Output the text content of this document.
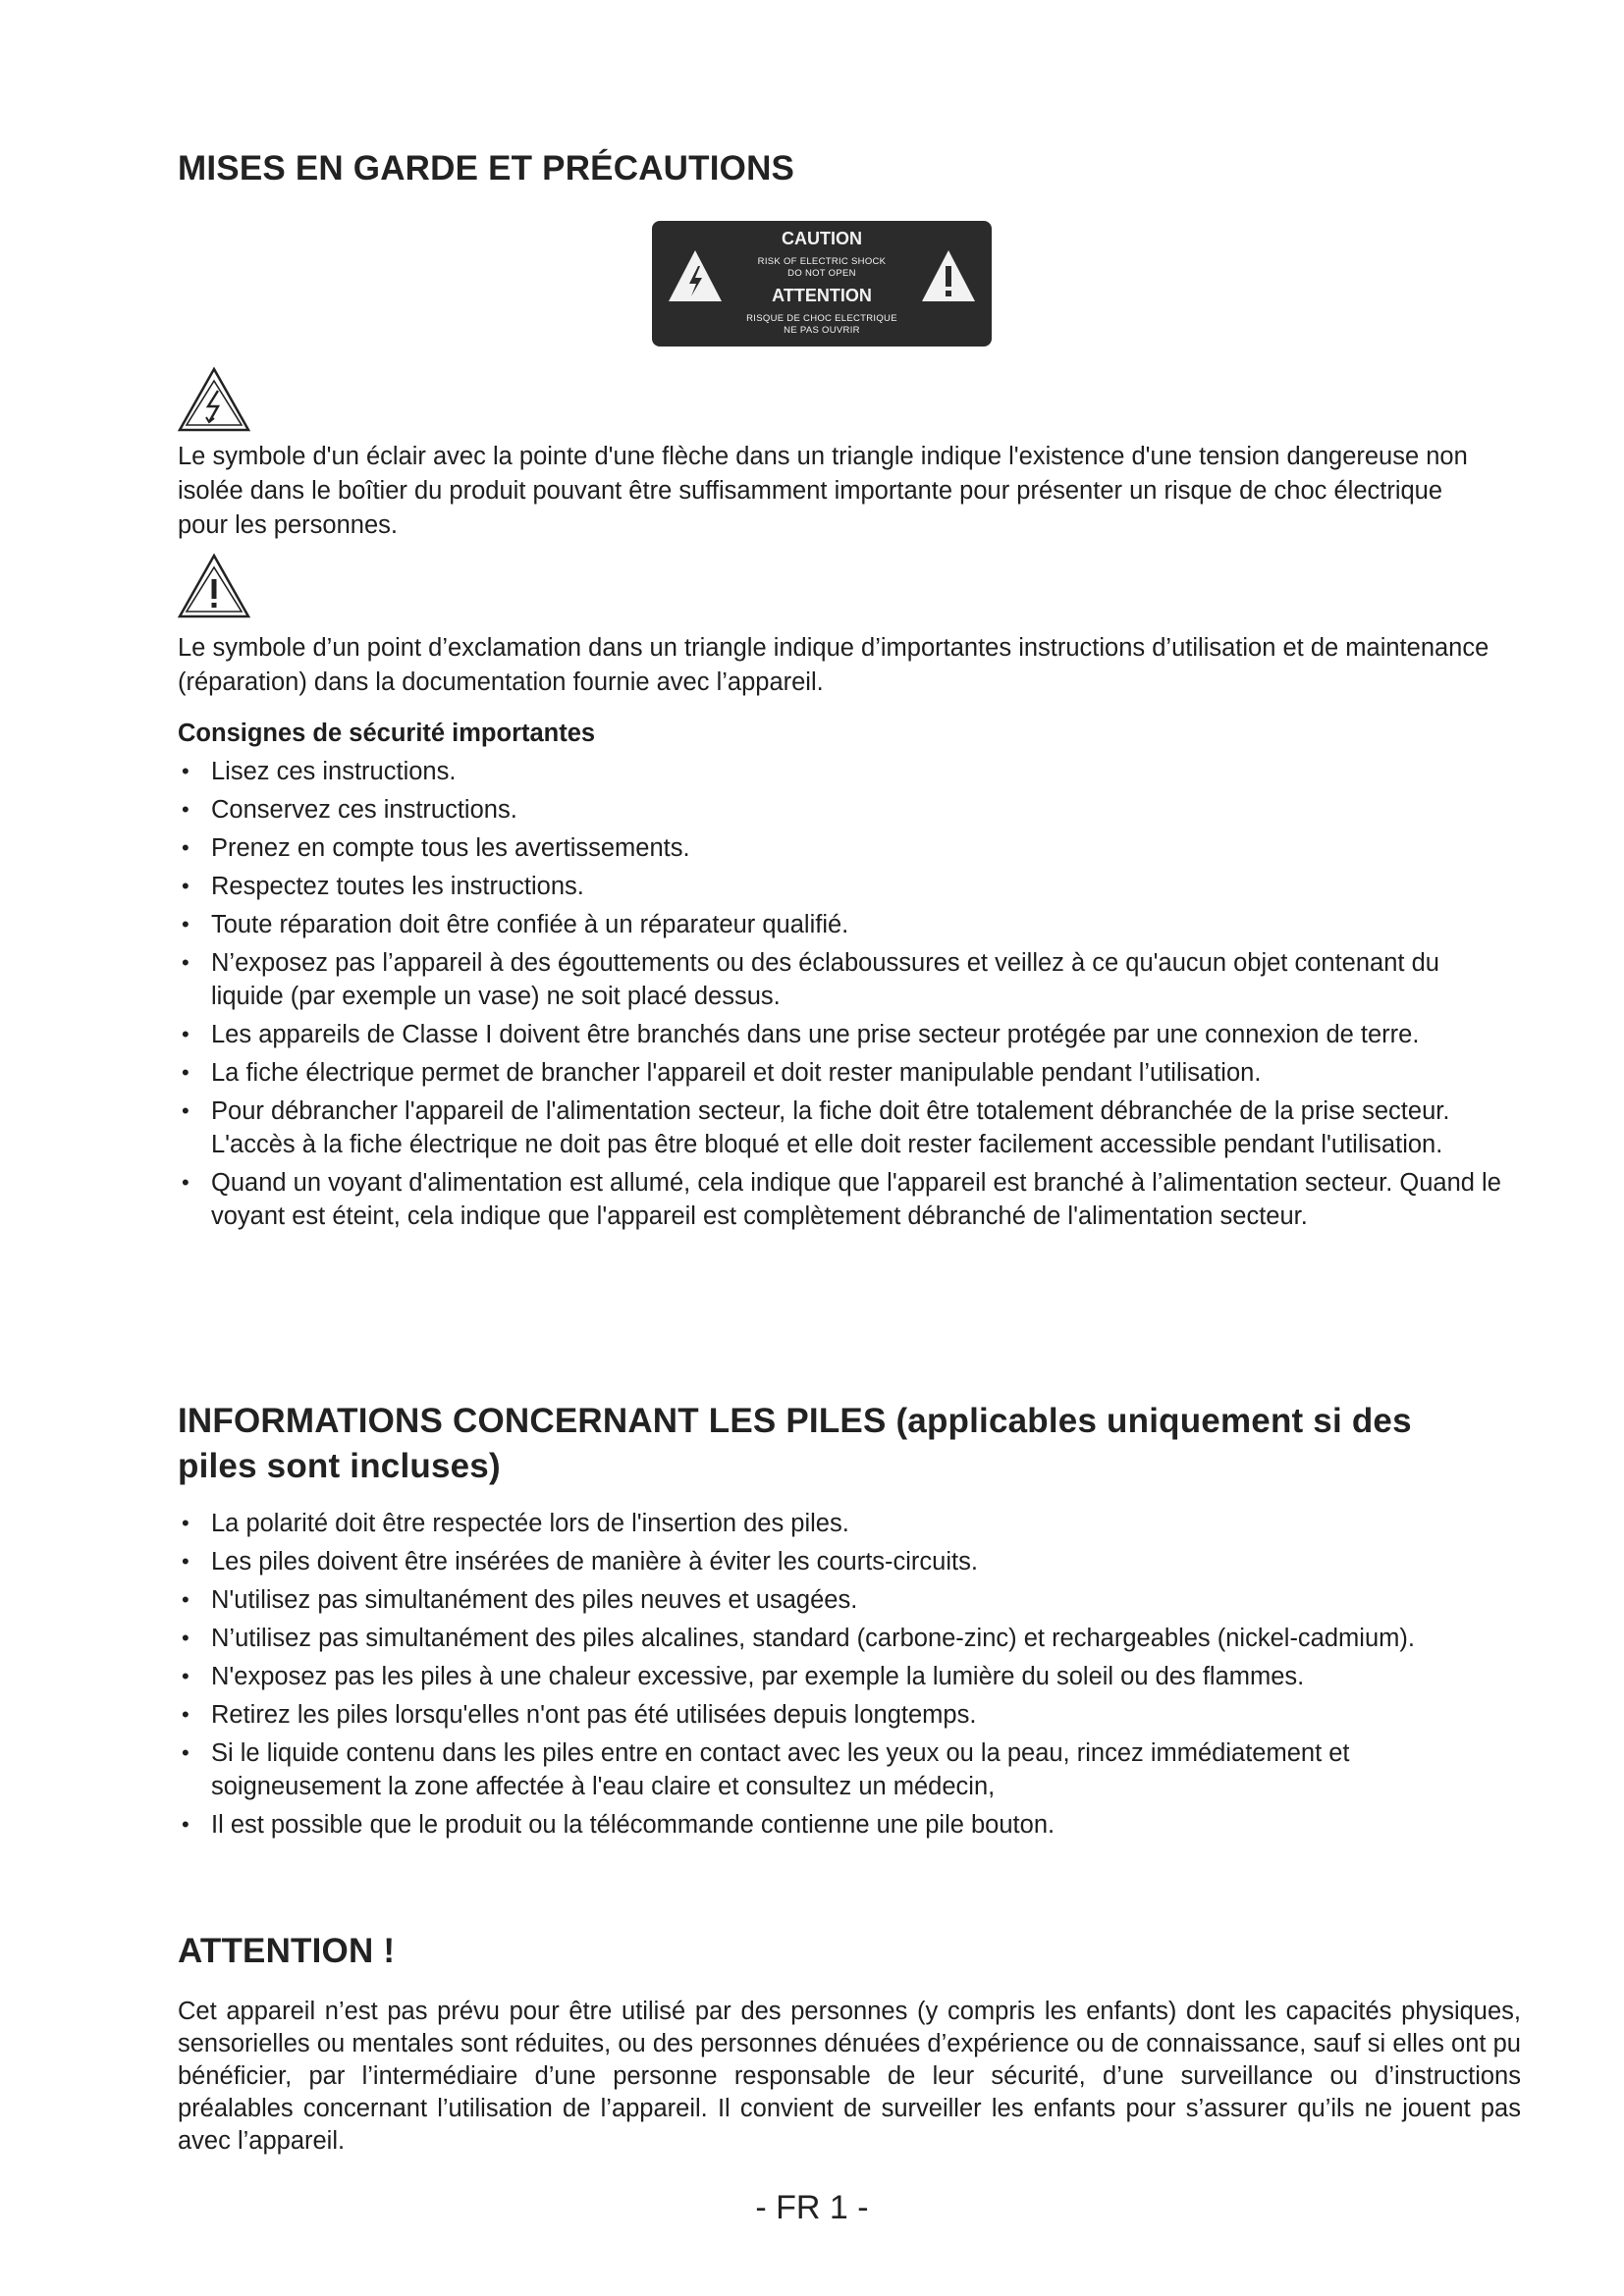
MISES EN GARDE ET PRÉCAUTIONS
CAUTION
RISK OF ELECTRIC SHOCK
DO NOT OPEN
ATTENTION
RISQUE DE CHOC ELECTRIQUE
NE PAS OUVRIR

Le symbole d'un éclair avec la pointe d'une flèche dans un triangle indique l'existence d'une tension dangereuse non isolée dans le boîtier du produit pouvant être suffisamment importante pour présenter un risque de choc électrique pour les personnes.

Le symbole d’un point d’exclamation dans un triangle indique d’importantes instructions d’utilisation et de maintenance (réparation) dans la documentation fournie avec l’appareil.

Consignes de sécurité importantes

• Lisez ces instructions.
• Conservez ces instructions.
• Prenez en compte tous les avertissements.
• Respectez toutes les instructions.
• Toute réparation doit être confiée à un réparateur qualifié.
• N’exposez pas l’appareil à des égouttements ou des éclaboussures et veillez à ce qu'aucun objet contenant du liquide (par exemple un vase) ne soit placé dessus.
• Les appareils de Classe I doivent être branchés dans une prise secteur protégée par une connexion de terre.
• La fiche électrique permet de brancher l'appareil et doit rester manipulable pendant l’utilisation.
• Pour débrancher l'appareil de l'alimentation secteur, la fiche doit être totalement débranchée de la prise secteur. L'accès à la fiche électrique ne doit pas être bloqué et elle doit rester facilement accessible pendant l'utilisation.
• Quand un voyant d'alimentation est allumé, cela indique que l'appareil est branché à l’alimentation secteur. Quand le voyant est éteint, cela indique que l'appareil est complètement débranché de l'alimentation secteur.
INFORMATIONS CONCERNANT LES PILES (applicables uniquement si des piles sont incluses)
• La polarité doit être respectée lors de l'insertion des piles.
• Les piles doivent être insérées de manière à éviter les courts-circuits.
• N'utilisez pas simultanément des piles neuves et usagées.
• N’utilisez pas simultanément des piles alcalines, standard (carbone-zinc) et rechargeables (nickel-cadmium).
• N'exposez pas les piles à une chaleur excessive, par exemple la lumière du soleil ou des flammes.
• Retirez les piles lorsqu'elles n'ont pas été utilisées depuis longtemps.
• Si le liquide contenu dans les piles entre en contact avec les yeux ou la peau, rincez immédiatement et soigneusement la zone affectée à l'eau claire et consultez un médecin,
• Il est possible que le produit ou la télécommande contienne une pile bouton.
ATTENTION !

Cet appareil n’est pas prévu pour être utilisé par des personnes (y compris les enfants) dont les capacités physiques, sensorielles ou mentales sont réduites, ou des personnes dénuées d’expérience ou de connaissance, sauf si elles ont pu bénéficier, par l’intermédiaire d’une personne responsable de leur sécurité, d’une surveillance ou d’instructions préalables concernant l’utilisation de l’appareil. Il convient de surveiller les enfants pour s’assurer qu’ils ne jouent pas avec l’appareil.

- FR 1 -
